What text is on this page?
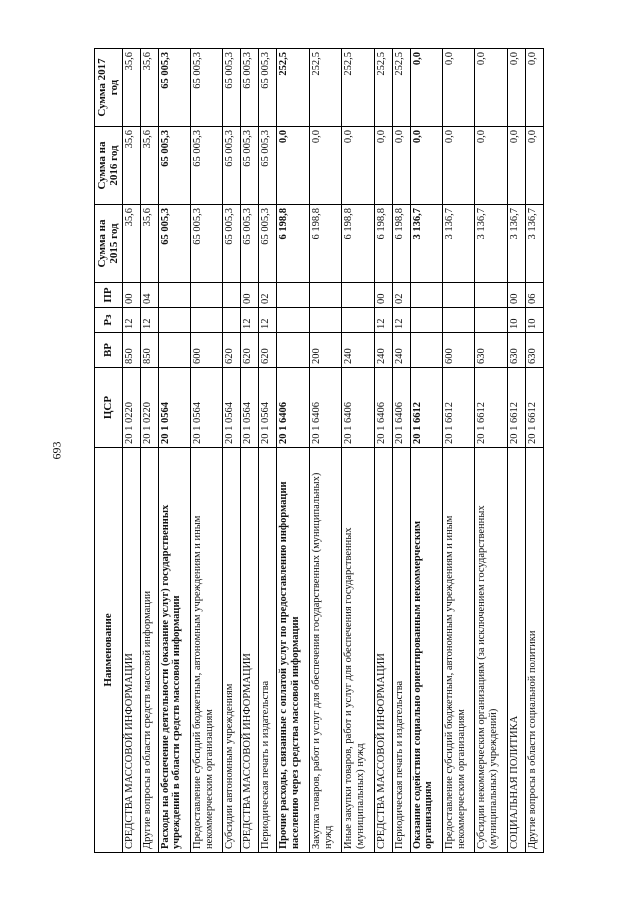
693
Наименование	ЦСР	ВР	Рз	ПР	Сумма на 2015 год	Сумма на 2016 год	Сумма 2017 год
СРЕДСТВА МАССОВОЙ ИНФОРМАЦИИ	20 1 0220	850	12	00	35,6	35,6	35,6
Другие вопросы в области средств массовой информации	20 1 0220	850	12	04	35,6	35,6	35,6
Расходы на обеспечение деятельности (оказание услуг) государственных учреждений в области средств массовой информации	20 1 0564				65 005,3	65 005,3	65 005,3
Предоставление субсидий бюджетным, автономным учреждениям и иным некоммерческим организациям	20 1 0564	600			65 005,3	65 005,3	65 005,3
Субсидии автономным учреждениям	20 1 0564	620			65 005,3	65 005,3	65 005,3
СРЕДСТВА МАССОВОЙ ИНФОРМАЦИИ	20 1 0564	620	12	00	65 005,3	65 005,3	65 005,3
Периодическая печать и издательства	20 1 0564	620	12	02	65 005,3	65 005,3	65 005,3
Прочие расходы, связанные с оплатой услуг по предоставлению информации населению через средства массовой информации	20 1 6406				6 198,8	0,0	252,5
Закупка товаров, работ и услуг для обеспечения государственных (муниципальных) нужд	20 1 6406	200			6 198,8	0,0	252,5
Иные закупки товаров, работ и услуг для обеспечения государственных (муниципальных) нужд	20 1 6406	240			6 198,8	0,0	252,5
СРЕДСТВА МАССОВОЙ ИНФОРМАЦИИ	20 1 6406	240	12	00	6 198,8	0,0	252,5
Периодическая печать и издательства	20 1 6406	240	12	02	6 198,8	0,0	252,5
Оказание содействия социально ориентированным некоммерческим организациям	20 1 6612				3 136,7	0,0	0,0
Предоставление субсидий бюджетным, автономным учреждениям и иным некоммерческим организациям	20 1 6612	600			3 136,7	0,0	0,0
Субсидии некоммерческим организациям (за исключением государственных (муниципальных) учреждений)	20 1 6612	630			3 136,7	0,0	0,0
СОЦИАЛЬНАЯ ПОЛИТИКА	20 1 6612	630	10	00	3 136,7	0,0	0,0
Другие вопросы в области социальной политики	20 1 6612	630	10	06	3 136,7	0,0	0,0
